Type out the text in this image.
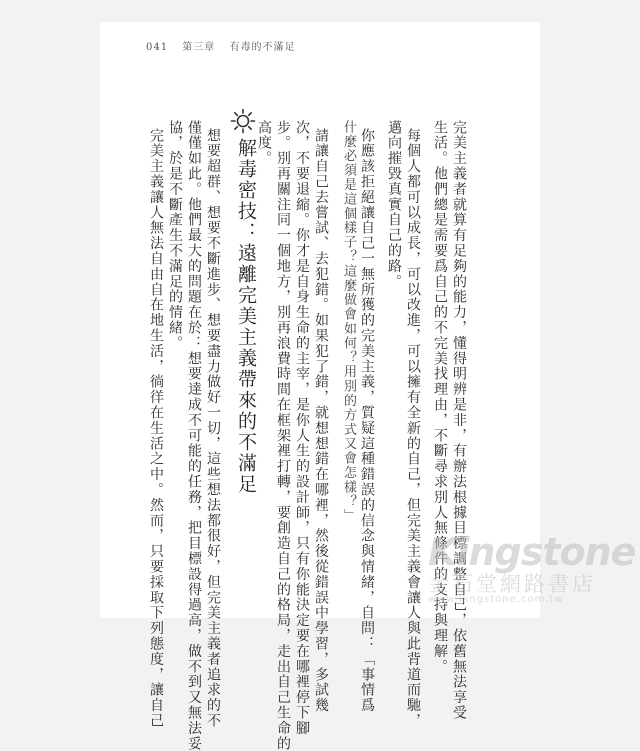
041 第三章 有毒的不滿足
完美主義者就算有足夠的能力，懂得明辨是非，有辦法根據目標調整自己，依舊無法享受
生活。他們總是需要爲自己的不完美找理由，不斷尋求別人無條件的支持與理解。
每個人都可以成長，可以改進，可以擁有全新的自己，但完美主義會讓人與此背道而馳，
邁向摧毀真實自己的路。
你應該拒絕讓自己一無所獲的完美主義，質疑這種錯誤的信念與情緒，自問：「事情爲
什麼必須是這個樣子？這麼做會如何？用別的方式又會怎樣？」
請讓自己去嘗試、去犯錯。如果犯了錯，就想想錯在哪裡，然後從錯誤中學習，多試幾
次，不要退縮。你才是自身生命的主宰，是你人生的設計師，只有你能決定要在哪裡停下腳
步。別再關注同一個地方，別再浪費時間在框架裡打轉，要創造自己的格局，走出自己生命的
高度。
解毒密技：遠離完美主義帶來的不滿足
想要超群、想要不斷進步、想要盡力做好一切，這些想法都很好，但完美主義者追求的不
僅僅如此。他們最大的問題在於：想要達成不可能的任務，把目標設得過高，做不到又無法妥
協，於是不斷產生不滿足的情緒。
完美主義讓人無法自由自在地生活，徜徉在生活之中。然而，只要採取下列態度，讓自己	Kingstone
金石堂網路書店
www.kingstone.com.tw
